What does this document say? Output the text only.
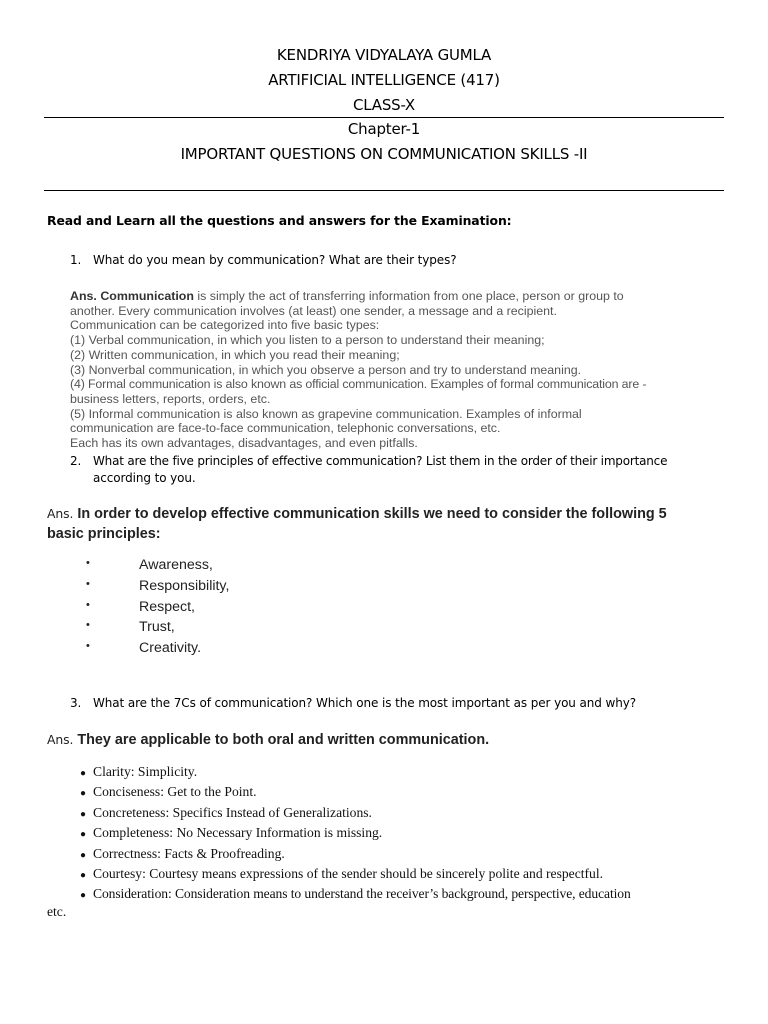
KENDRIYA VIDYALAYA GUMLA
ARTIFICIAL INTELLIGENCE (417)
CLASS-X
Chapter-1
IMPORTANT QUESTIONS ON COMMUNICATION SKILLS -II
Read and Learn all the questions and answers for the Examination:
1. What do you mean by communication? What are their types?
Ans. Communication is simply the act of transferring information from one place, person or group to
another. Every communication involves (at least) one sender, a message and a recipient.
Communication can be categorized into five basic types:
(1) Verbal communication, in which you listen to a person to understand their meaning;
(2) Written communication, in which you read their meaning;
(3) Nonverbal communication, in which you observe a person and try to understand meaning.
(4) Formal communication is also known as official communication. Examples of formal communication are -
business letters, reports, orders, etc.
(5) Informal communication is also known as grapevine communication. Examples of informal
communication are face-to-face communication, telephonic conversations, etc.
Each has its own advantages, disadvantages, and even pitfalls.
2. What are the five principles of effective communication? List them in the order of their importance
according to you.
Ans. In order to develop effective communication skills we need to consider the following 5
basic principles:
•	Awareness,
•	Responsibility,
•	Respect,
•	Trust,
•	Creativity.
3. What are the 7Cs of communication? Which one is the most important as per you and why?
Ans. They are applicable to both oral and written communication.
● Clarity: Simplicity.
● Conciseness: Get to the Point.
● Concreteness: Specifics Instead of Generalizations.
● Completeness: No Necessary Information is missing.
● Correctness: Facts & Proofreading.
● Courtesy: Courtesy means expressions of the sender should be sincerely polite and respectful.
● Consideration: Consideration means to understand the receiver’s background, perspective, education
etc.
